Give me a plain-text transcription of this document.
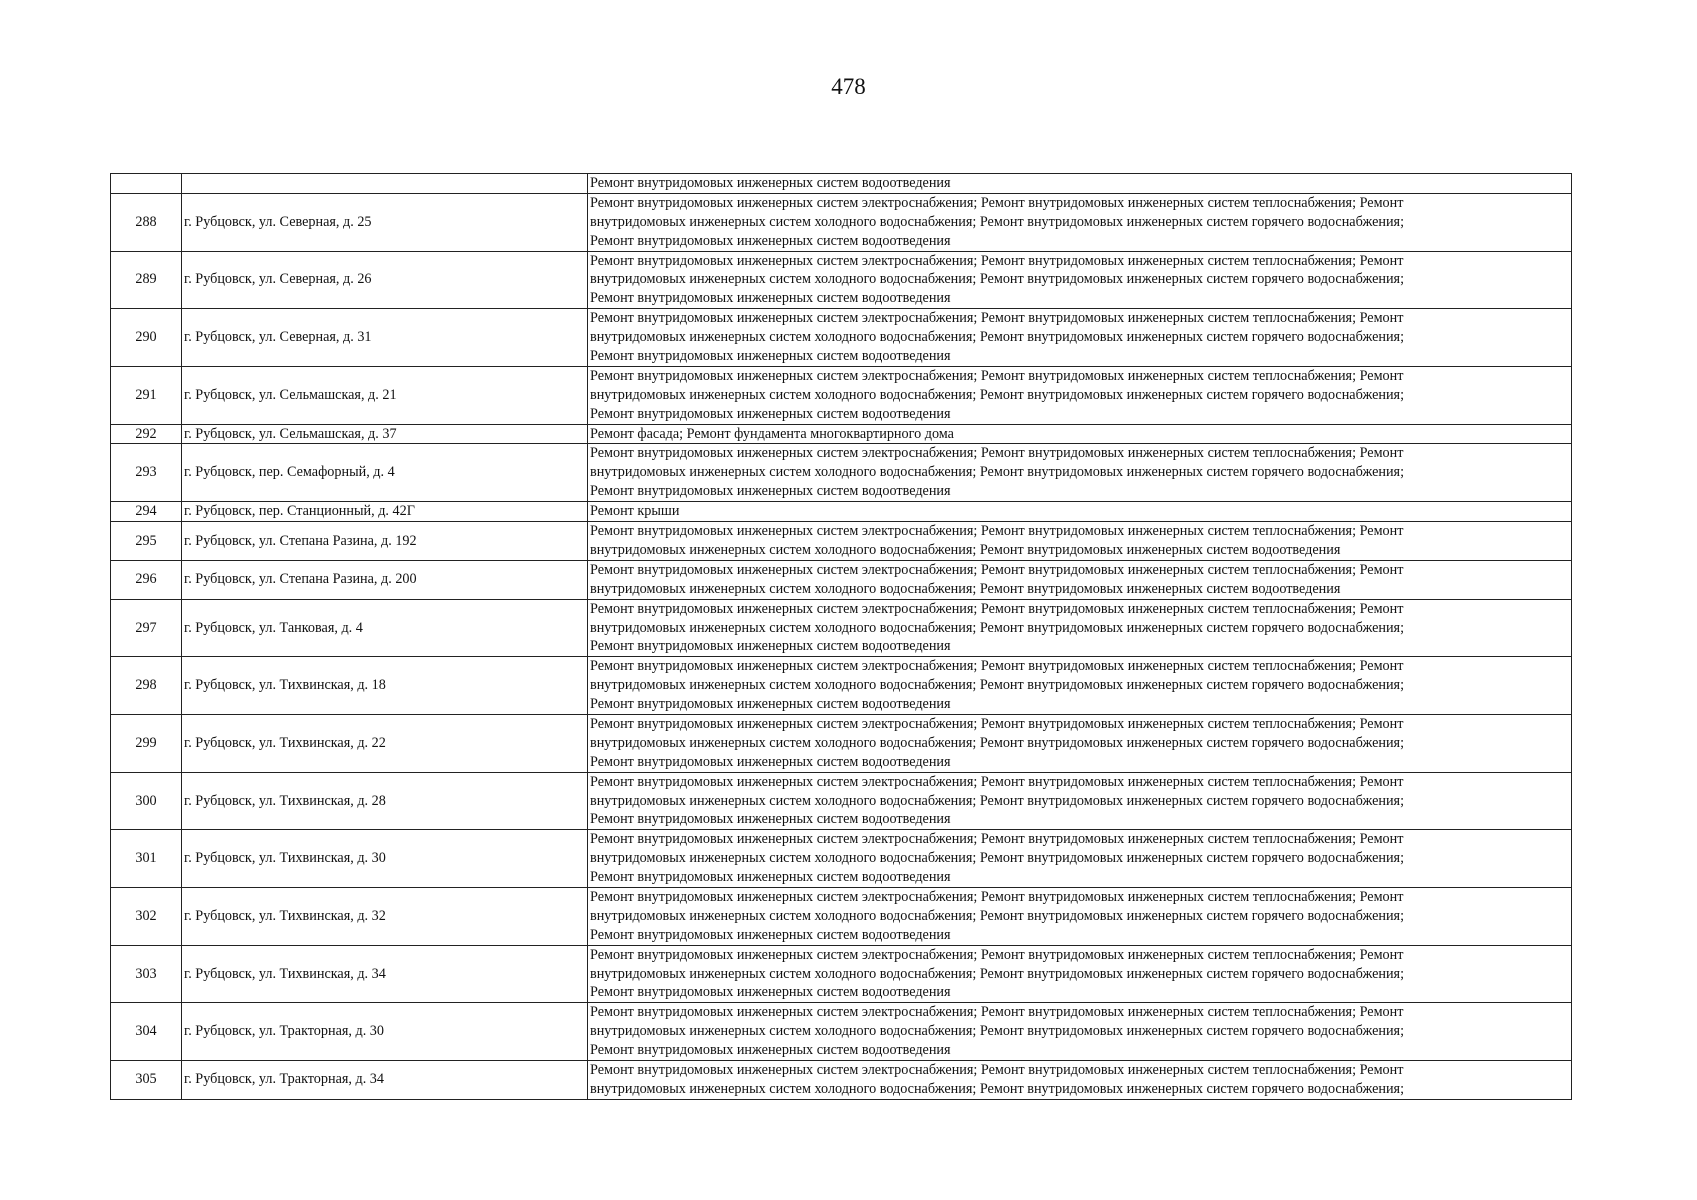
478

		Ремонт внутридомовых инженерных систем водоотведения

288	г. Рубцовск, ул. Северная, д. 25	Ремонт внутридомовых инженерных систем электроснабжения; Ремонт внутридомовых инженерных систем теплоснабжения; Ремонт
внутридомовых инженерных систем холодного водоснабжения; Ремонт внутридомовых инженерных систем горячего водоснабжения;
Ремонт внутридомовых инженерных систем водоотведения

289	г. Рубцовск, ул. Северная, д. 26	Ремонт внутридомовых инженерных систем электроснабжения; Ремонт внутридомовых инженерных систем теплоснабжения; Ремонт
внутридомовых инженерных систем холодного водоснабжения; Ремонт внутридомовых инженерных систем горячего водоснабжения;
Ремонт внутридомовых инженерных систем водоотведения

290	г. Рубцовск, ул. Северная, д. 31	Ремонт внутридомовых инженерных систем электроснабжения; Ремонт внутридомовых инженерных систем теплоснабжения; Ремонт
внутридомовых инженерных систем холодного водоснабжения; Ремонт внутридомовых инженерных систем горячего водоснабжения;
Ремонт внутридомовых инженерных систем водоотведения

291	г. Рубцовск, ул. Сельмашская, д. 21	Ремонт внутридомовых инженерных систем электроснабжения; Ремонт внутридомовых инженерных систем теплоснабжения; Ремонт
внутридомовых инженерных систем холодного водоснабжения; Ремонт внутридомовых инженерных систем горячего водоснабжения;
Ремонт внутридомовых инженерных систем водоотведения

292	г. Рубцовск, ул. Сельмашская, д. 37	Ремонт фасада; Ремонт фундамента многоквартирного дома

293	г. Рубцовск, пер. Семафорный, д. 4	Ремонт внутридомовых инженерных систем электроснабжения; Ремонт внутридомовых инженерных систем теплоснабжения; Ремонт
внутридомовых инженерных систем холодного водоснабжения; Ремонт внутридомовых инженерных систем горячего водоснабжения;
Ремонт внутридомовых инженерных систем водоотведения

294	г. Рубцовск, пер. Станционный, д. 42Г	Ремонт крыши

295	г. Рубцовск, ул. Степана Разина, д. 192	Ремонт внутридомовых инженерных систем электроснабжения; Ремонт внутридомовых инженерных систем теплоснабжения; Ремонт
внутридомовых инженерных систем холодного водоснабжения; Ремонт внутридомовых инженерных систем водоотведения

296	г. Рубцовск, ул. Степана Разина, д. 200	Ремонт внутридомовых инженерных систем электроснабжения; Ремонт внутридомовых инженерных систем теплоснабжения; Ремонт
внутридомовых инженерных систем холодного водоснабжения; Ремонт внутридомовых инженерных систем водоотведения

297	г. Рубцовск, ул. Танковая, д. 4	Ремонт внутридомовых инженерных систем электроснабжения; Ремонт внутридомовых инженерных систем теплоснабжения; Ремонт
внутридомовых инженерных систем холодного водоснабжения; Ремонт внутридомовых инженерных систем горячего водоснабжения;
Ремонт внутридомовых инженерных систем водоотведения

298	г. Рубцовск, ул. Тихвинская, д. 18	Ремонт внутридомовых инженерных систем электроснабжения; Ремонт внутридомовых инженерных систем теплоснабжения; Ремонт
внутридомовых инженерных систем холодного водоснабжения; Ремонт внутридомовых инженерных систем горячего водоснабжения;
Ремонт внутридомовых инженерных систем водоотведения

299	г. Рубцовск, ул. Тихвинская, д. 22	Ремонт внутридомовых инженерных систем электроснабжения; Ремонт внутридомовых инженерных систем теплоснабжения; Ремонт
внутридомовых инженерных систем холодного водоснабжения; Ремонт внутридомовых инженерных систем горячего водоснабжения;
Ремонт внутридомовых инженерных систем водоотведения

300	г. Рубцовск, ул. Тихвинская, д. 28	Ремонт внутридомовых инженерных систем электроснабжения; Ремонт внутридомовых инженерных систем теплоснабжения; Ремонт
внутридомовых инженерных систем холодного водоснабжения; Ремонт внутридомовых инженерных систем горячего водоснабжения;
Ремонт внутридомовых инженерных систем водоотведения

301	г. Рубцовск, ул. Тихвинская, д. 30	Ремонт внутридомовых инженерных систем электроснабжения; Ремонт внутридомовых инженерных систем теплоснабжения; Ремонт
внутридомовых инженерных систем холодного водоснабжения; Ремонт внутридомовых инженерных систем горячего водоснабжения;
Ремонт внутридомовых инженерных систем водоотведения

302	г. Рубцовск, ул. Тихвинская, д. 32	Ремонт внутридомовых инженерных систем электроснабжения; Ремонт внутридомовых инженерных систем теплоснабжения; Ремонт
внутридомовых инженерных систем холодного водоснабжения; Ремонт внутридомовых инженерных систем горячего водоснабжения;
Ремонт внутридомовых инженерных систем водоотведения

303	г. Рубцовск, ул. Тихвинская, д. 34	Ремонт внутридомовых инженерных систем электроснабжения; Ремонт внутридомовых инженерных систем теплоснабжения; Ремонт
внутридомовых инженерных систем холодного водоснабжения; Ремонт внутридомовых инженерных систем горячего водоснабжения;
Ремонт внутридомовых инженерных систем водоотведения

304	г. Рубцовск, ул. Тракторная, д. 30	Ремонт внутридомовых инженерных систем электроснабжения; Ремонт внутридомовых инженерных систем теплоснабжения; Ремонт
внутридомовых инженерных систем холодного водоснабжения; Ремонт внутридомовых инженерных систем горячего водоснабжения;
Ремонт внутридомовых инженерных систем водоотведения

305	г. Рубцовск, ул. Тракторная, д. 34	Ремонт внутридомовых инженерных систем электроснабжения; Ремонт внутридомовых инженерных систем теплоснабжения; Ремонт
внутридомовых инженерных систем холодного водоснабжения; Ремонт внутридомовых инженерных систем горячего водоснабжения;
